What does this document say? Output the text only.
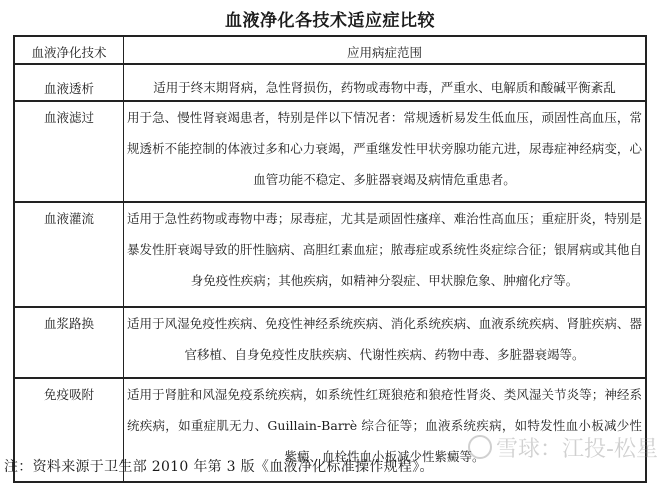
血液净化各技术适应症比较
血液净化技术	应用病症范围
血液透析	适用于终末期肾病，急性肾损伤，药物或毒物中毒，严重水、电解质和酸碱平衡紊乱
血液滤过	用于急、慢性肾衰竭患者，特别是伴以下情况者：常规透析易发生低血压，顽固性高血压，常规透析不能控制的体液过多和心力衰竭，严重继发性甲状旁腺功能亢进，尿毒症神经病变，心血管功能不稳定、多脏器衰竭及病情危重患者。
血液灌流	适用于急性药物或毒物中毒；尿毒症，尤其是顽固性瘙痒、难治性高血压；重症肝炎，特别是暴发性肝衰竭导致的肝性脑病、高胆红素血症；脓毒症或系统性炎症综合征；银屑病或其他自身免疫性疾病；其他疾病，如精神分裂症、甲状腺危象、肿瘤化疗等。
血浆路换	适用于风湿免疫性疾病、免疫性神经系统疾病、消化系统疾病、血液系统疾病、肾脏疾病、器官移植、自身免疫性皮肤疾病、代谢性疾病、药物中毒、多脏器衰竭等。
免疫吸附	适用于肾脏和风湿免疫系统疾病，如系统性红斑狼疮和狼疮性肾炎、类风湿关节炎等；神经系统疾病，如重症肌无力、Guillain-Barrè 综合征等；血液系统疾病，如特发性血小板减少性紫癜、血栓性血小板减少性紫癜等。
注：资料来源于卫生部 2010 年第 3 版《血液净化标准操作规程》。
雪球：江投-松星
